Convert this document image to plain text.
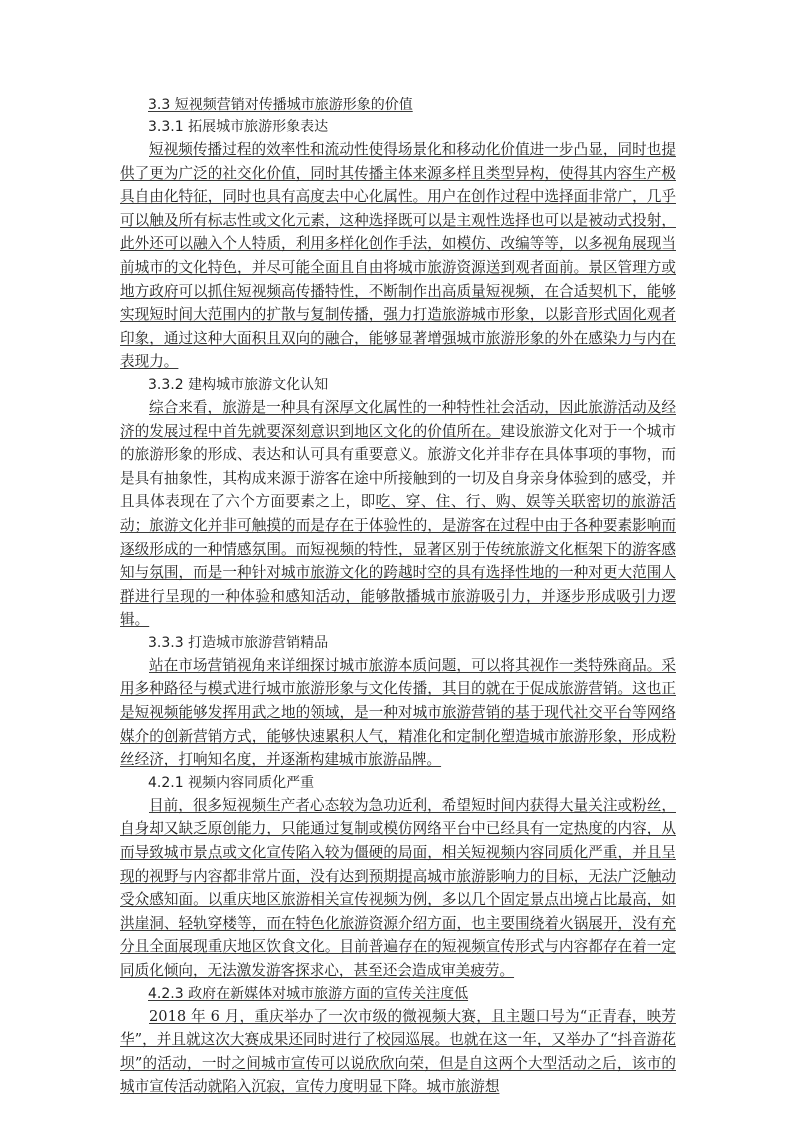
3.3 短视频营销对传播城市旅游形象的价值
3.3.1 拓展城市旅游形象表达

短视频传播过程的效率性和流动性使得场景化和移动化价值进一步凸显，同时也提供了更为广泛的社交化价值，同时其传播主体来源多样且类型异构，使得其内容生产极具自由化特征，同时也具有高度去中心化属性。用户在创作过程中选择面非常广，几乎可以触及所有标志性或文化元素，这种选择既可以是主观性选择也可以是被动式投射，此外还可以融入个人特质，利用多样化创作手法，如模仿、改编等等，以多视角展现当前城市的文化特色，并尽可能全面且自由将城市旅游资源送到观者面前。景区管理方或地方政府可以抓住短视频高传播特性，不断制作出高质量短视频，在合适契机下，能够实现短时间大范围内的扩散与复制传播，强力打造旅游城市形象，以影音形式固化观者印象，通过这种大面积且双向的融合，能够显著增强城市旅游形象的外在感染力与内在表现力。

3.3.2 建构城市旅游文化认知

综合来看，旅游是一种具有深厚文化属性的一种特性社会活动，因此旅游活动及经济的发展过程中首先就要深刻意识到地区文化的价值所在。建设旅游文化对于一个城市的旅游形象的形成、表达和认可具有重要意义。旅游文化并非存在具体事项的事物，而是具有抽象性，其构成来源于游客在途中所接触到的一切及自身亲身体验到的感受，并且具体表现在了六个方面要素之上，即吃、穿、住、行、购、娱等关联密切的旅游活动；旅游文化并非可触摸的而是存在于体验性的，是游客在过程中由于各种要素影响而逐级形成的一种情感氛围。而短视频的特性，显著区别于传统旅游文化框架下的游客感知与氛围，而是一种针对城市旅游文化的跨越时空的具有选择性地的一种对更大范围人群进行呈现的一种体验和感知活动，能够散播城市旅游吸引力，并逐步形成吸引力逻辑。

3.3.3 打造城市旅游营销精品

站在市场营销视角来详细探讨城市旅游本质问题，可以将其视作一类特殊商品。采用多种路径与模式进行城市旅游形象与文化传播，其目的就在于促成旅游营销。这也正是短视频能够发挥用武之地的领域，是一种对城市旅游营销的基于现代社交平台等网络媒介的创新营销方式，能够快速累积人气，精准化和定制化塑造城市旅游形象，形成粉丝经济，打响知名度，并逐渐构建城市旅游品牌。

4.2.1 视频内容同质化严重

目前，很多短视频生产者心态较为急功近利，希望短时间内获得大量关注或粉丝，自身却又缺乏原创能力，只能通过复制或模仿网络平台中已经具有一定热度的内容，从而导致城市景点或文化宣传陷入较为僵硬的局面，相关短视频内容同质化严重，并且呈现的视野与内容都非常片面，没有达到预期提高城市旅游影响力的目标，无法广泛触动受众感知面。以重庆地区旅游相关宣传视频为例，多以几个固定景点出境占比最高，如洪崖洞、轻轨穿楼等，而在特色化旅游资源介绍方面，也主要围绕着火锅展开，没有充分且全面展现重庆地区饮食文化。目前普遍存在的短视频宣传形式与内容都存在着一定同质化倾向，无法激发游客探求心，甚至还会造成审美疲劳。

4.2.3 政府在新媒体对城市旅游方面的宣传关注度低

2018 年 6 月，重庆举办了一次市级的微视频大赛，且主题口号为“正青春，映芳华”，并且就这次大赛成果还同时进行了校园巡展。也就在这一年，又举办了“抖音游花坝”的活动，一时之间城市宣传可以说欣欣向荣，但是自这两个大型活动之后，该市的城市宣传活动就陷入沉寂，宣传力度明显下降。城市旅游想
